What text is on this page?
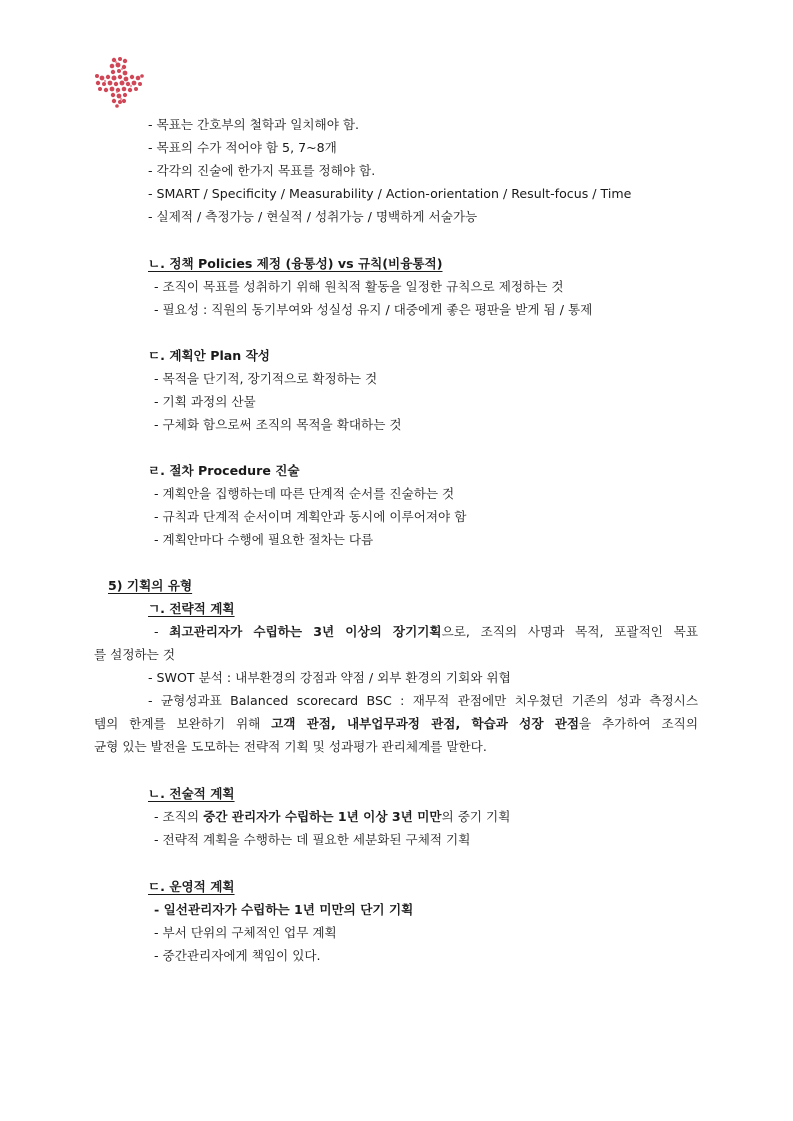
- 목표는 간호부의 철학과 일치해야 함.
- 목표의 수가 적어야 함 5, 7~8개
- 각각의 진술에 한가지 목표를 정해야 함.
- SMART / Specificity / Measurability / Action-orientation / Result-focus / Time
- 실제적 / 측정가능 / 현실적 / 성취가능 / 명백하게 서술가능
ㄴ. 정책 Policies 제정 (융통성) vs 규칙(비융통적)
- 조직이 목표를 성취하기 위해 원칙적 활동을 일정한 규칙으로 제정하는 것
- 필요성 : 직원의 동기부여와 성실성 유지 / 대중에게 좋은 평판을 받게 됨 / 통제
ㄷ. 계획안 Plan 작성
- 목적을 단기적, 장기적으로 확정하는 것
- 기획 과정의 산물
- 구체화 함으로써 조직의 목적을 확대하는 것
ㄹ. 절차 Procedure 진술
- 계획안을 집행하는데 따른 단계적 순서를 진술하는 것
- 규칙과 단계적 순서이며 계획안과 동시에 이루어져야 함
- 계획안마다 수행에 필요한 절차는 다름
5) 기획의 유형
ㄱ. 전략적 계획
- 최고관리자가 수립하는 3년 이상의 장기기획으로, 조직의 사명과 목적, 포괄적인 목표
를 설정하는 것
- SWOT 분석 : 내부환경의 강점과 약점 / 외부 환경의 기회와 위협
- 균형성과표 Balanced scorecard BSC : 재무적 관점에만 치우쳤던 기존의 성과 측정시스
템의 한계를 보완하기 위해 고객 관점, 내부업무과정 관점, 학습과 성장 관점을 추가하여 조직의
균형 있는 발전을 도모하는 전략적 기획 및 성과평가 관리체계를 말한다.
ㄴ. 전술적 계획
- 조직의 중간 관리자가 수립하는 1년 이상 3년 미만의 중기 기획
- 전략적 계획을 수행하는 데 필요한 세분화된 구체적 기획
ㄷ. 운영적 계획
- 일선관리자가 수립하는 1년 미만의 단기 기획
- 부서 단위의 구체적인 업무 계획
- 중간관리자에게 책임이 있다.
